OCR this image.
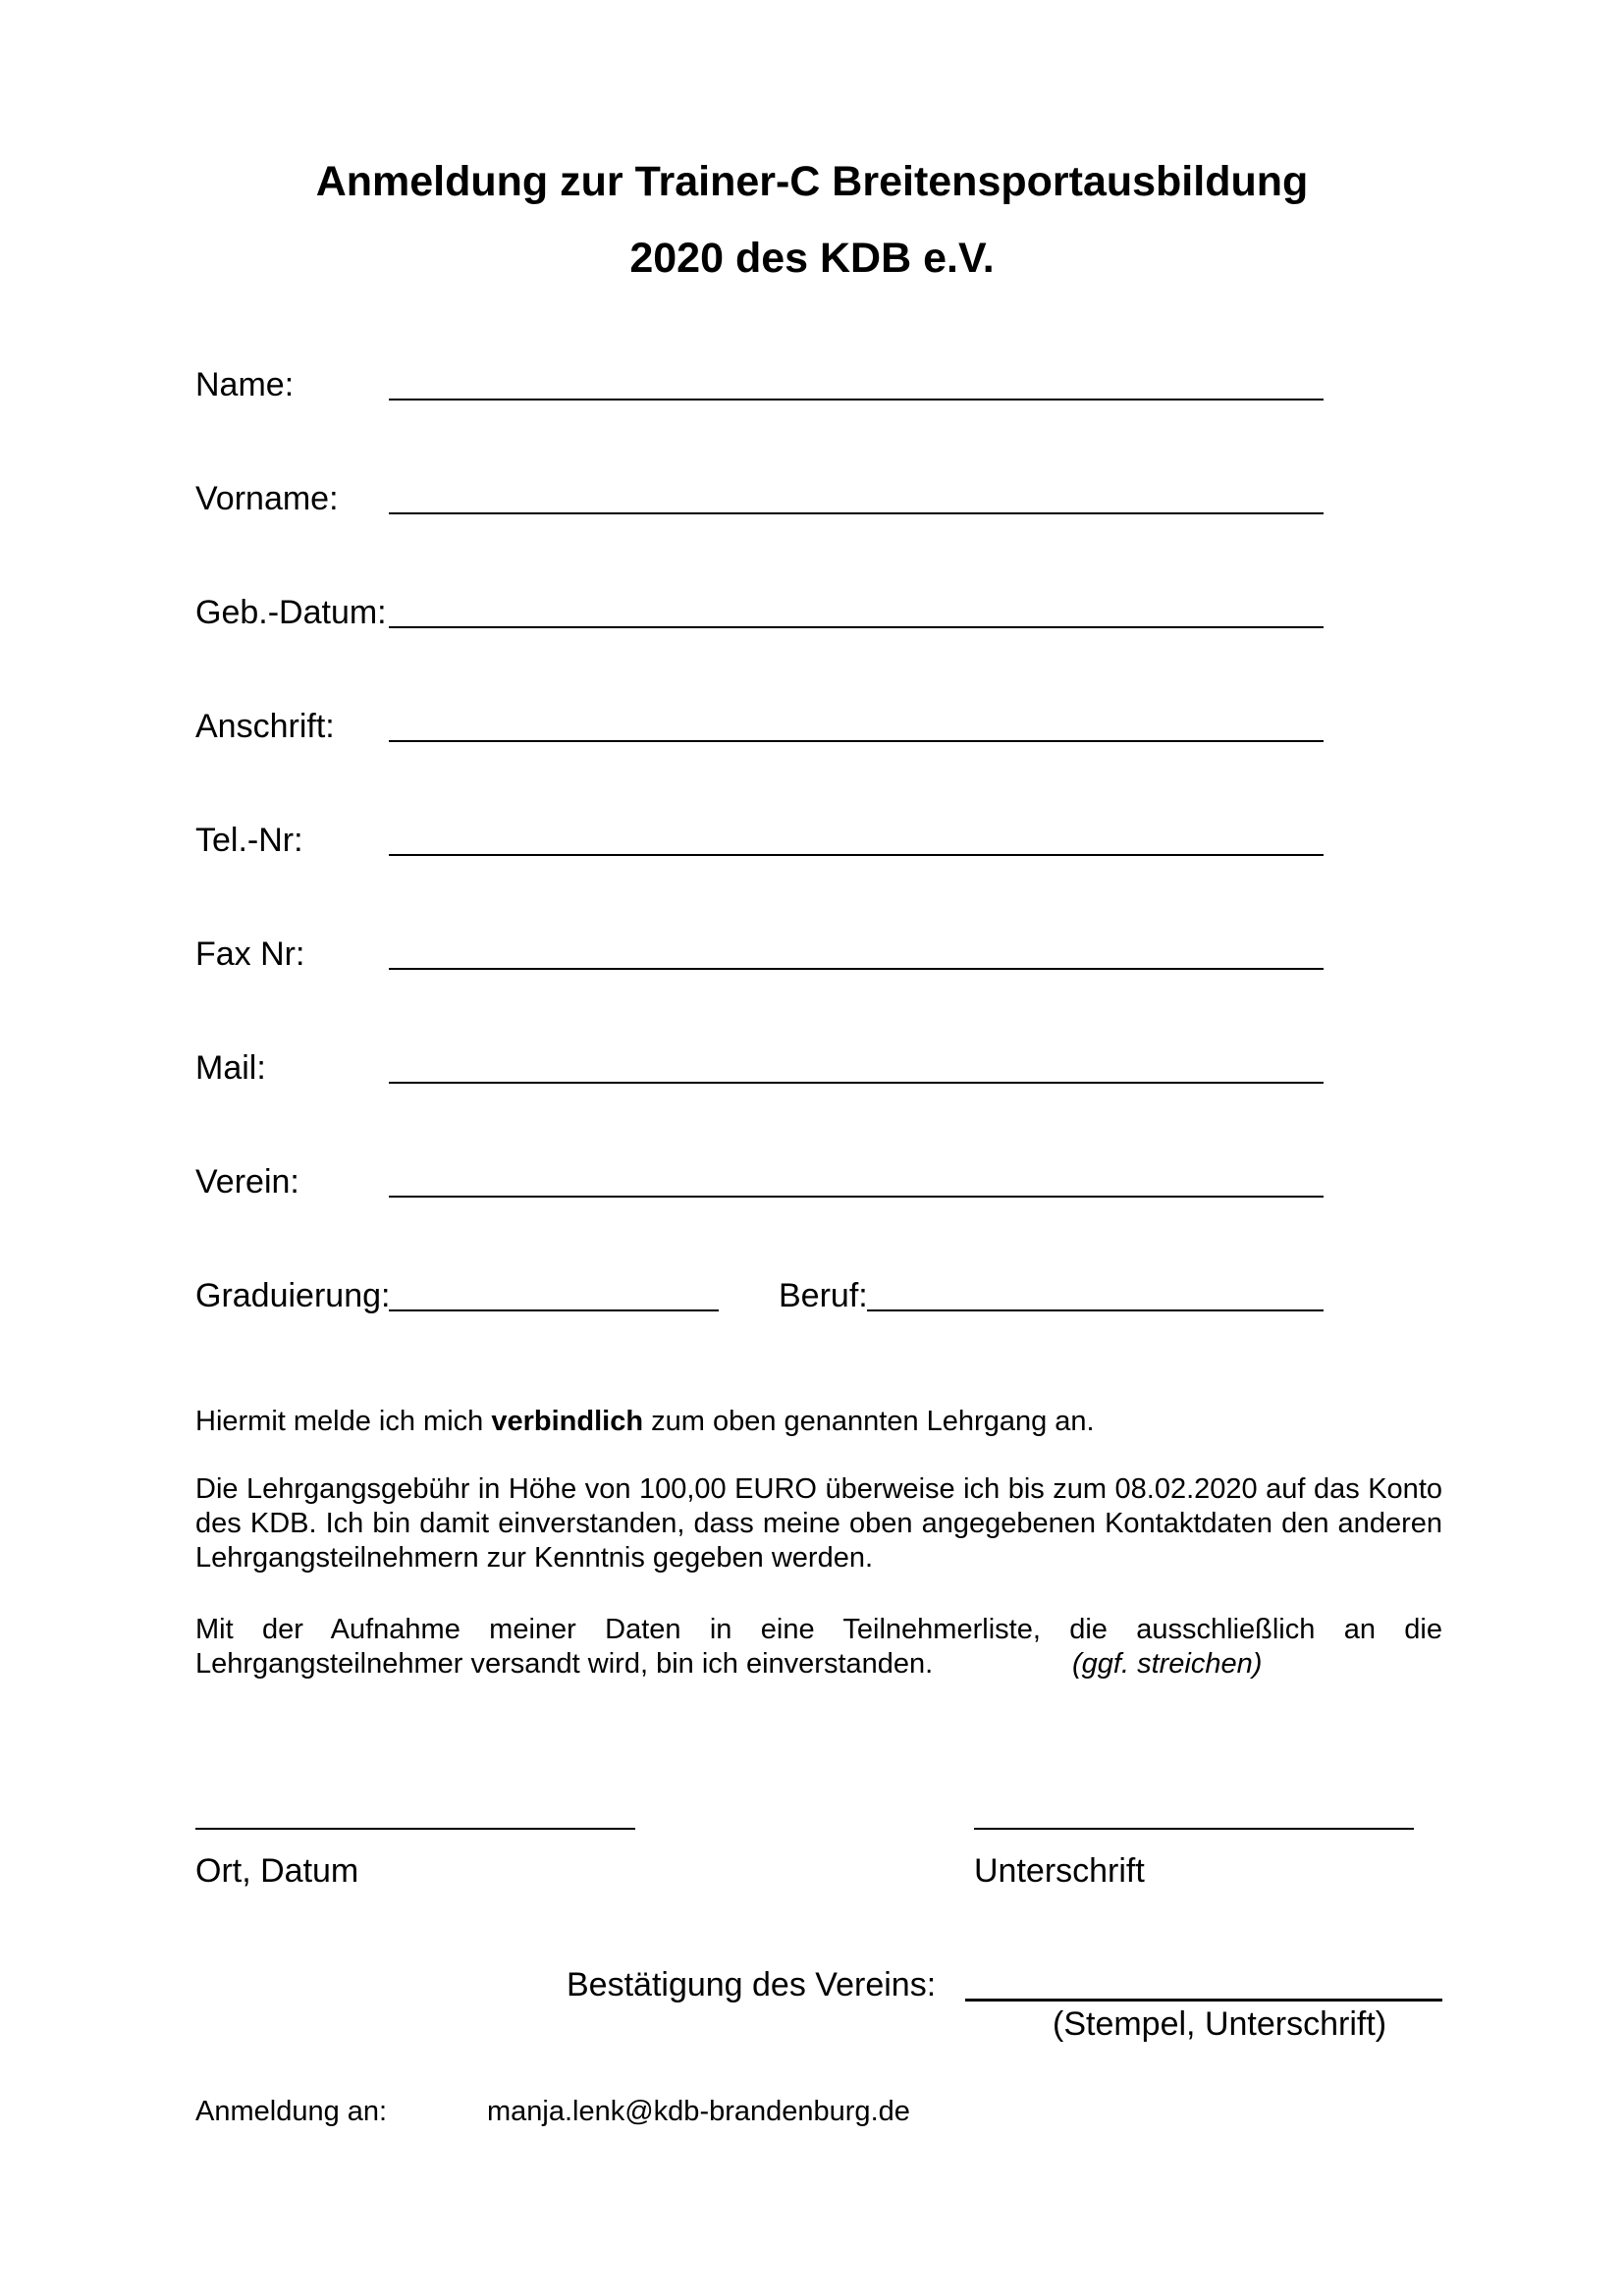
Anmeldung zur Trainer-C Breitensportausbildung
2020 des KDB e.V.
Name:
Vorname:
Geb.-Datum:
Anschrift:
Tel.-Nr:
Fax Nr:
Mail:
Verein:
Graduierung:	Beruf:
Hiermit melde ich mich verbindlich zum oben genannten Lehrgang an.
Die Lehrgangsgebühr in Höhe von 100,00 EURO überweise ich bis zum 08.02.2020 auf das Konto des KDB. Ich bin damit einverstanden, dass meine oben angegebenen Kontaktdaten den anderen Lehrgangsteilnehmern zur Kenntnis gegeben werden.
Mit der Aufnahme meiner Daten in eine Teilnehmerliste, die ausschließlich an die Lehrgangsteilnehmer versandt wird, bin ich einverstanden.	(ggf. streichen)
Ort, Datum	Unterschrift
Bestätigung des Vereins:
(Stempel, Unterschrift)
Anmeldung an:	manja.lenk@kdb-brandenburg.de
